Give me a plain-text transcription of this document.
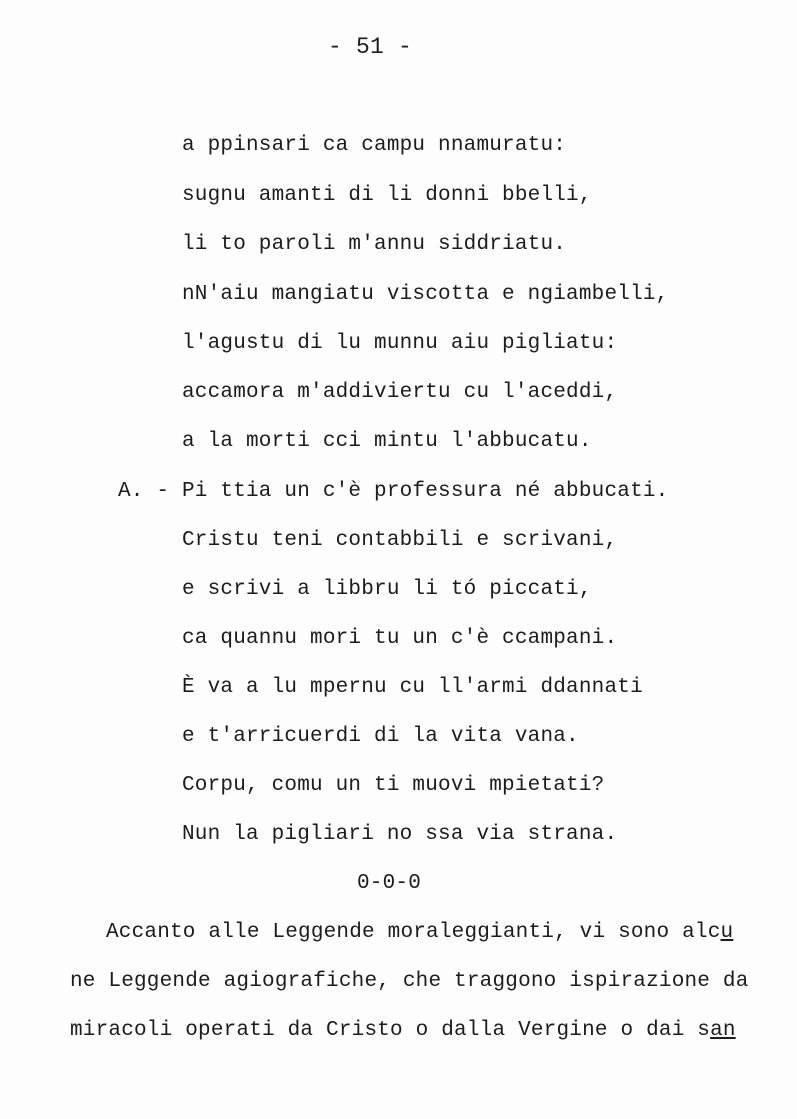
- 51 -
a ppinsari ca campu nnamuratu:
sugnu amanti di li donni bbelli,
li to paroli m'annu siddriatu.
nN'aiu mangiatu viscotta e ngiambelli,
l'agustu di lu munnu aiu pigliatu:
accamora m'addiviertu cu l'aceddi,
a la morti cci mintu l'abbucatu.
A. - Pi ttia un c'è professura né abbucati.
Cristu teni contabbili e scrivani,
e scrivi a libbru li tó piccati,
ca quannu mori tu un c'è ccampani.
È va a lu mpernu cu ll'armi ddannati
e t'arricuerdi di la vita vana.
Corpu, comu un ti muovi mpietati?
Nun la pigliari no ssa via strana.
0-0-0
Accanto alle Leggende moraleggianti, vi sono alcu
ne Leggende agiografiche, che traggono ispirazione da
miracoli operati da Cristo o dalla Vergine o dai san
